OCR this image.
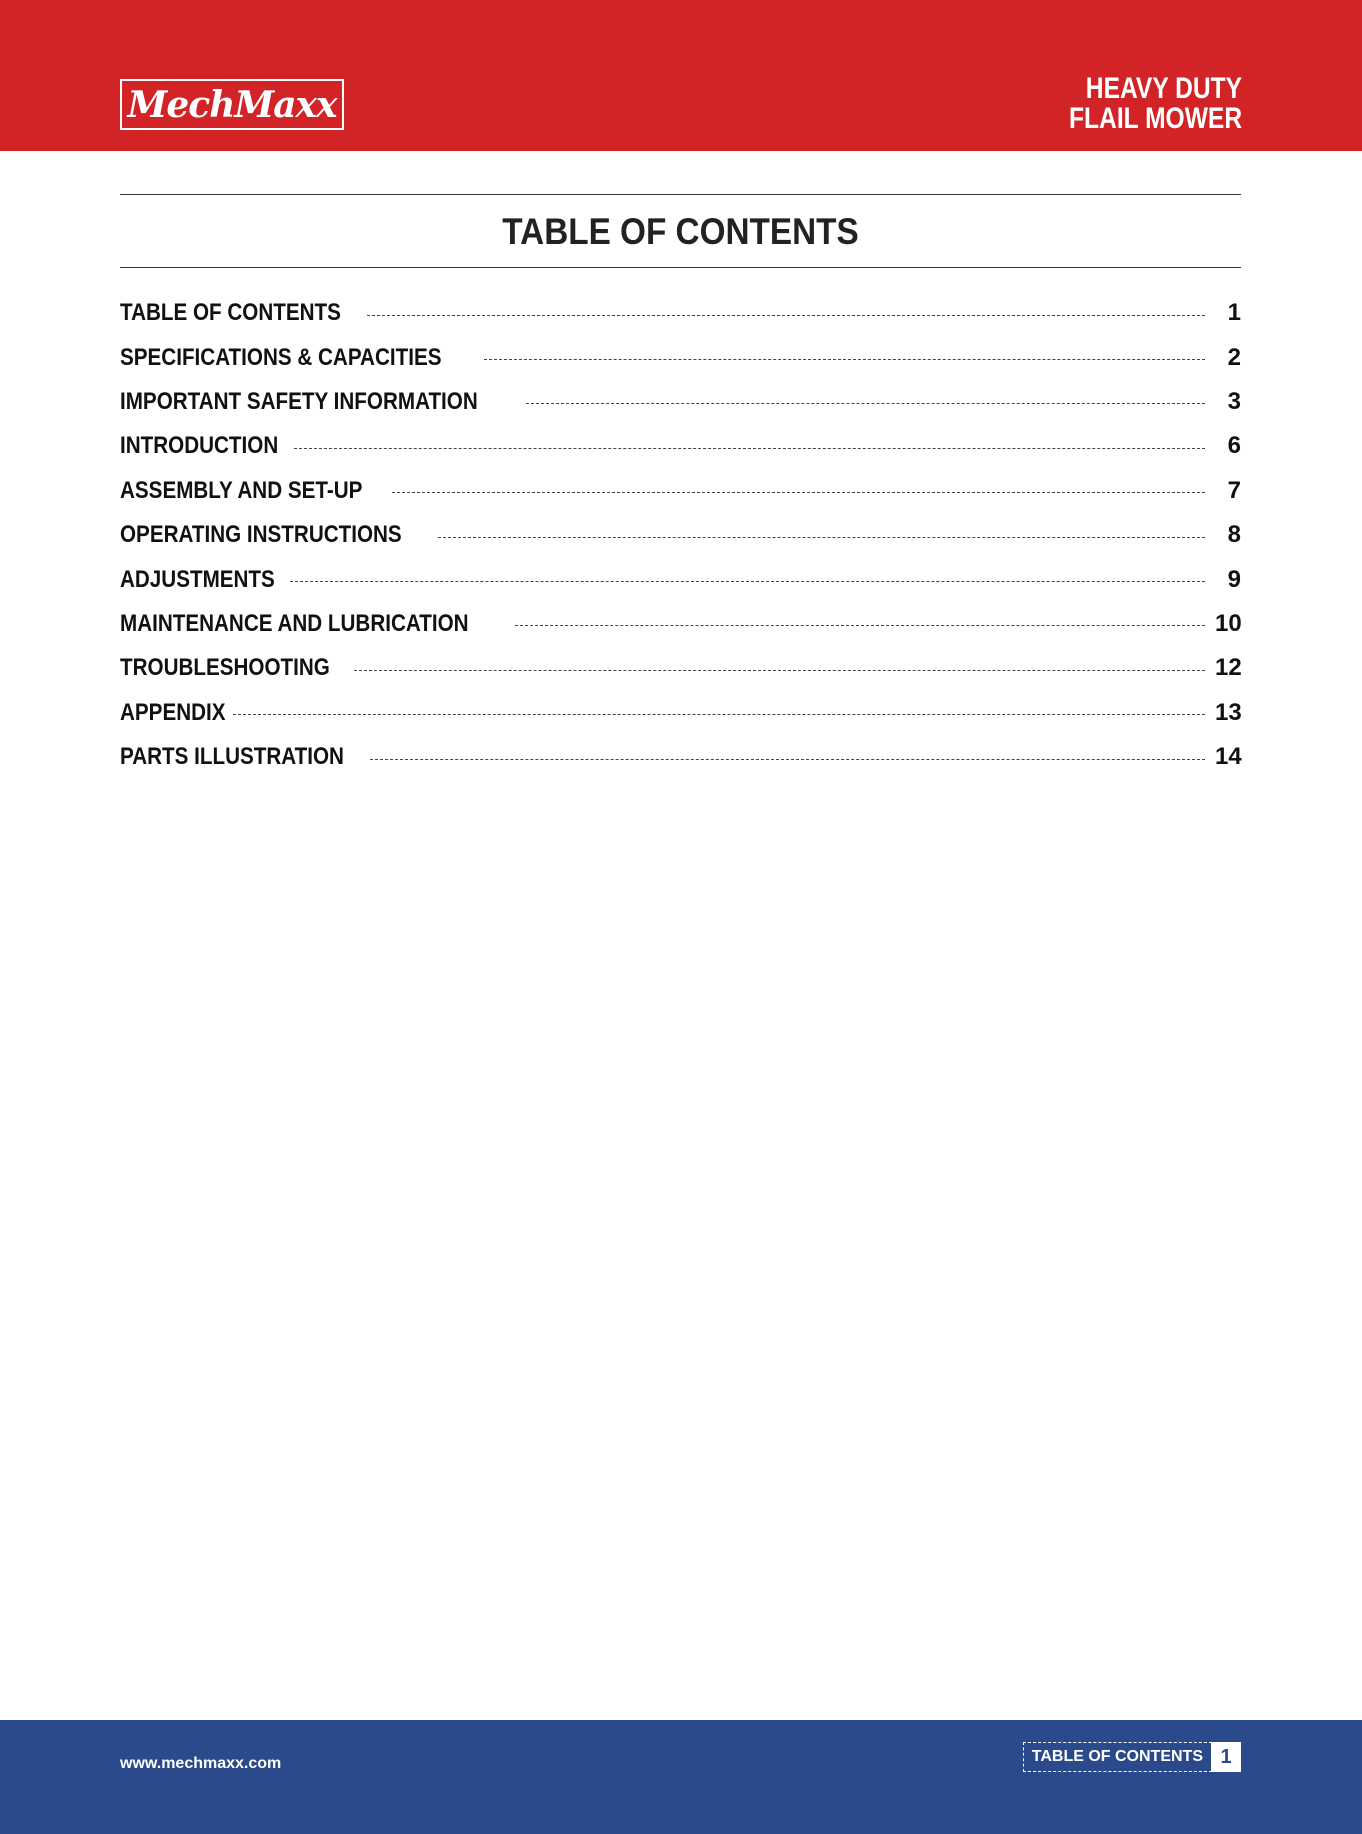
MechMaxx	HEAVY DUTY
FLAIL MOWER
TABLE OF CONTENTS
TABLE OF CONTENTS	1
SPECIFICATIONS & CAPACITIES	2
IMPORTANT SAFETY INFORMATION	3
INTRODUCTION	6
ASSEMBLY AND SET-UP	7
OPERATING INSTRUCTIONS	8
ADJUSTMENTS	9
MAINTENANCE AND LUBRICATION	10
TROUBLESHOOTING	12
APPENDIX	13
PARTS ILLUSTRATION	14
www.mechmaxx.com	TABLE OF CONTENTS 1
